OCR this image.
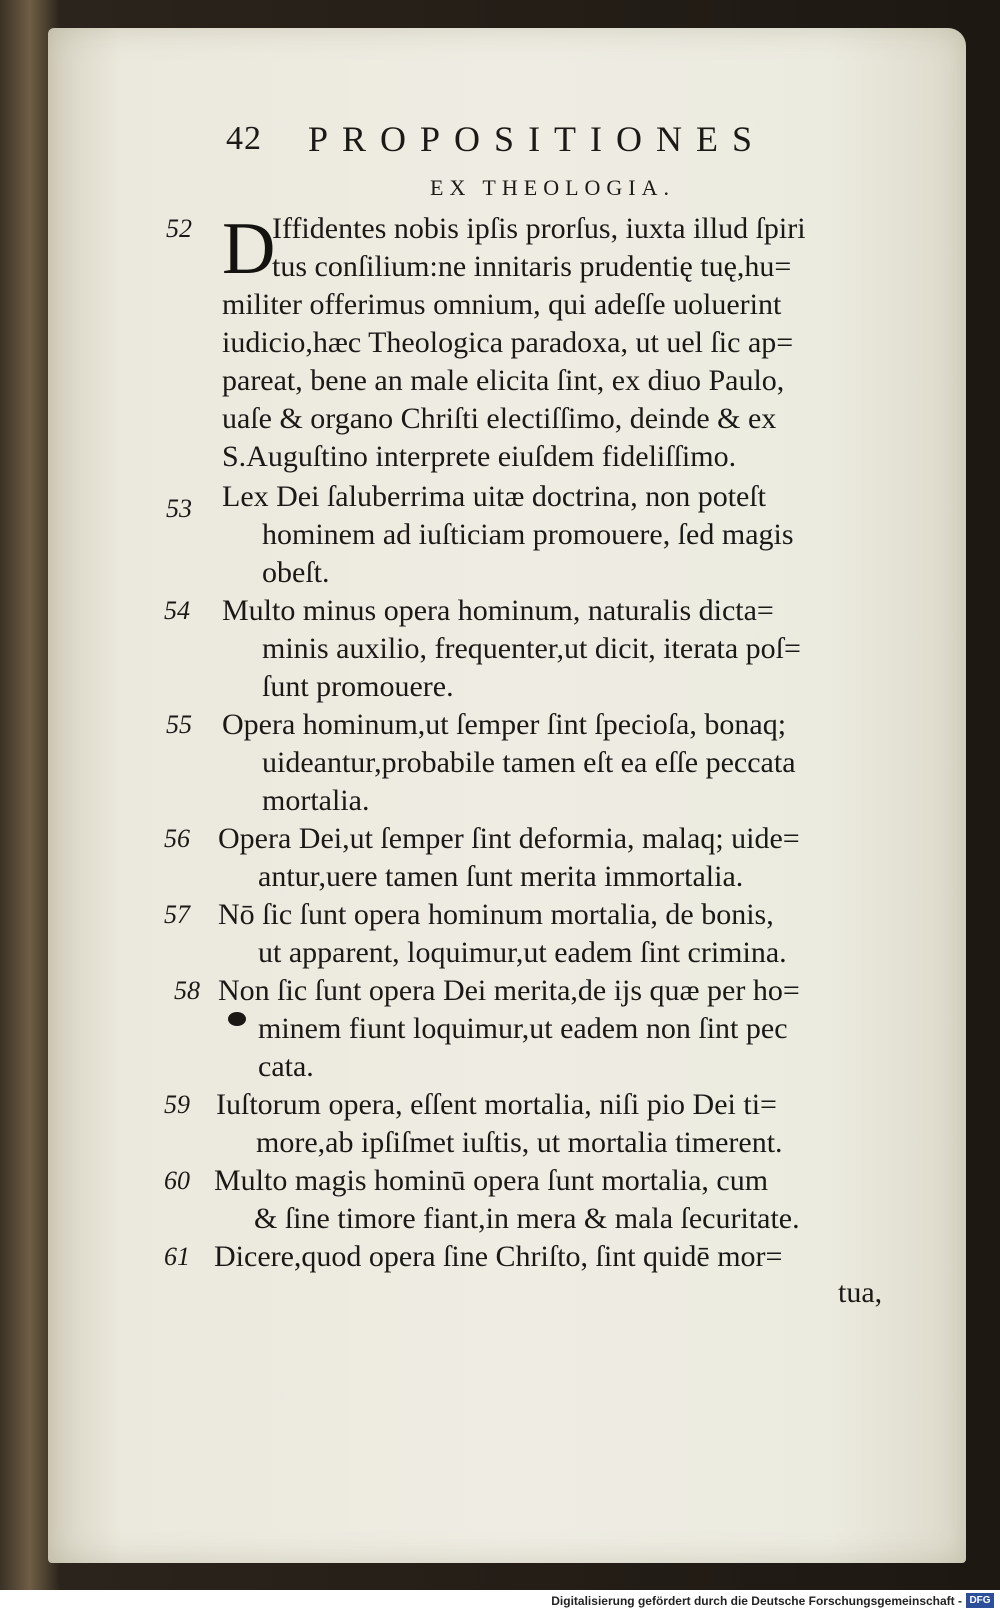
42 PROPOSITIONES
EX THEOLOGIA.
D
52	Iffidentes nobis ipſis prorſus, iuxta illud ſpiri
tus conſilium:ne innitaris prudentię tuę,hu=
militer offerimus omnium, qui adeſſe uoluerint
iudicio,hæc Theologica paradoxa, ut uel ſic ap=
pareat, bene an male elicita ſint, ex diuo Paulo,
uaſe & organo Chriſti electiſſimo, deinde & ex
S.Auguſtino interprete eiuſdem fideliſſimo.
53 Lex Dei ſaluberrima uitæ doctrina, non poteſt
hominem ad iuſticiam promouere, ſed magis
obeſt.
54 Multo minus opera hominum, naturalis dicta=
minis auxilio, frequenter,ut dicit, iterata poſ=
ſunt promouere.
55 Opera hominum,ut ſemper ſint ſpecioſa, bonaq;
uideantur,probabile tamen eſt ea eſſe peccata
mortalia.
56 Opera Dei,ut ſemper ſint deformia, malaq; uide=
antur,uere tamen ſunt merita immortalia.
57 Nō ſic ſunt opera hominum mortalia, de bonis,
ut apparent, loquimur,ut eadem ſint crimina.
58 Non ſic ſunt opera Dei merita,de ijs quæ per ho=
minem fiunt loquimur,ut eadem non ſint pec
cata.
59 Iuſtorum opera, eſſent mortalia, niſi pio Dei ti=
more,ab ipſiſmet iuſtis, ut mortalia timerent.
60 Multo magis hominū opera ſunt mortalia, cum
& ſine timore fiant,in mera & mala ſecuritate.
61 Dicere,quod opera ſine Chriſto, ſint quidē mor=
tua,
Digitalisierung gefördert durch die Deutsche Forschungsgemeinschaft - DFG
